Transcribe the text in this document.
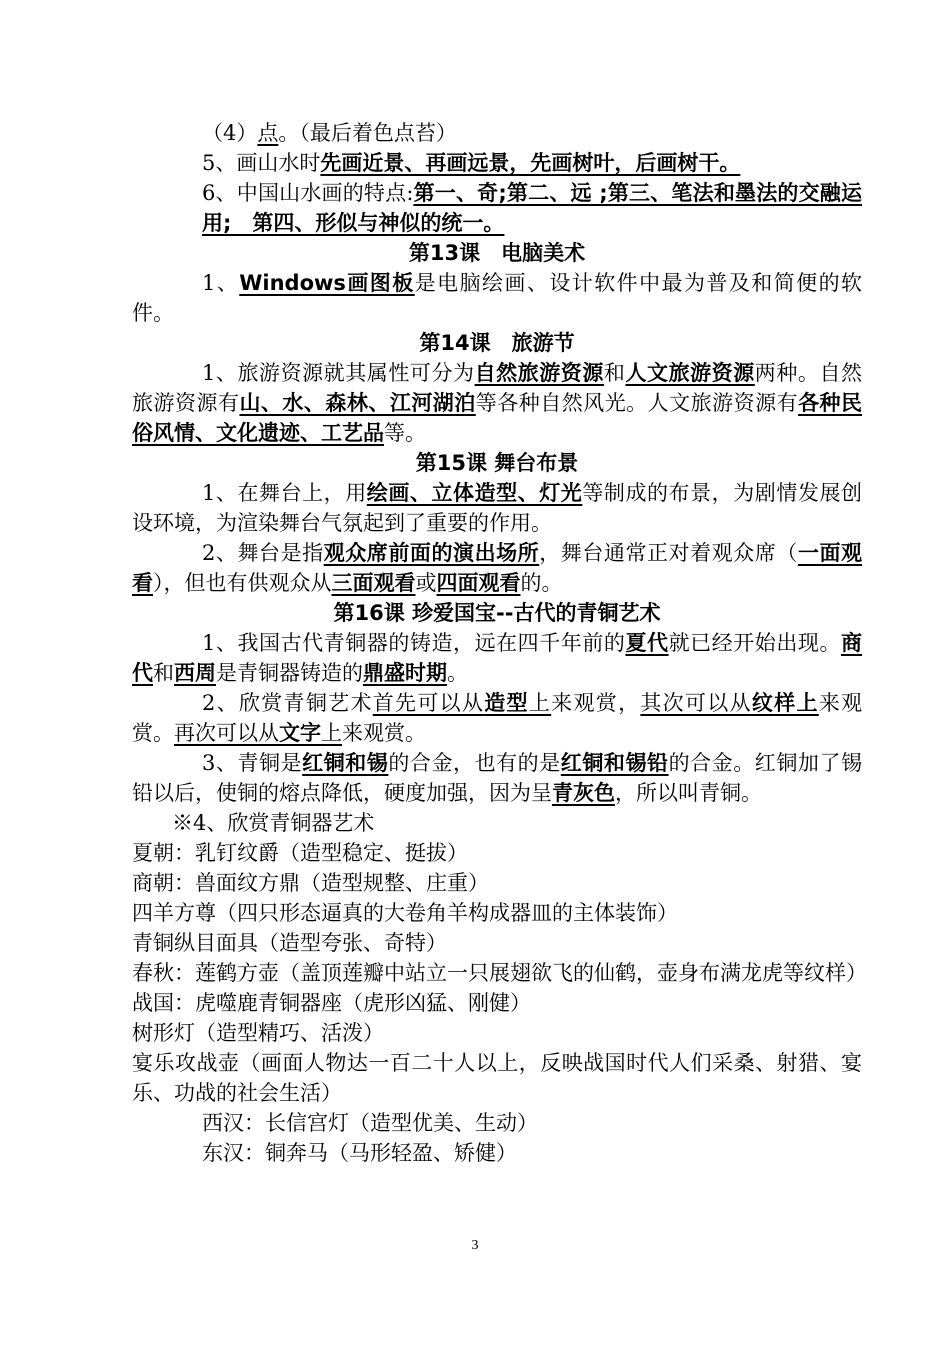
（4）点。（最后着色点苔）
5、画山水时先画近景、再画远景，先画树叶，后画树干。
6、中国山水画的特点:第一、奇;第二、远 ;第三、笔法和墨法的交融运用;　第四、形似与神似的统一。
第13课　电脑美术
1、Windows画图板是电脑绘画、设计软件中最为普及和简便的软件。
第14课　旅游节
1、旅游资源就其属性可分为自然旅游资源和人文旅游资源两种。自然旅游资源有山、水、森林、江河湖泊等各种自然风光。人文旅游资源有各种民俗风情、文化遗迹、工艺品等。
第15课 舞台布景
1、在舞台上，用绘画、立体造型、灯光等制成的布景，为剧情发展创设环境，为渲染舞台气氛起到了重要的作用。
2、舞台是指观众席前面的演出场所，舞台通常正对着观众席（一面观看），但也有供观众从三面观看或四面观看的。
第16课 珍爱国宝--古代的青铜艺术
1、我国古代青铜器的铸造，远在四千年前的夏代就已经开始出现。商代和西周是青铜器铸造的鼎盛时期。
2、欣赏青铜艺术首先可以从造型上来观赏，其次可以从纹样上来观赏。再次可以从文字上来观赏。
3、青铜是红铜和锡的合金，也有的是红铜和锡铅的合金。红铜加了锡铅以后，使铜的熔点降低，硬度加强，因为呈青灰色，所以叫青铜。
※4、欣赏青铜器艺术
夏朝：乳钉纹爵（造型稳定、挺拔）
商朝：兽面纹方鼎（造型规整、庄重）
四羊方尊（四只形态逼真的大卷角羊构成器皿的主体装饰）
青铜纵目面具（造型夸张、奇特）
春秋：莲鹤方壶（盖顶莲瓣中站立一只展翅欲飞的仙鹤，壶身布满龙虎等纹样）
战国：虎噬鹿青铜器座（虎形凶猛、刚健）
树形灯（造型精巧、活泼）
宴乐攻战壶（画面人物达一百二十人以上，反映战国时代人们采桑、射猎、宴乐、功战的社会生活）
西汉：长信宫灯（造型优美、生动）
东汉：铜奔马（马形轻盈、矫健）
3
